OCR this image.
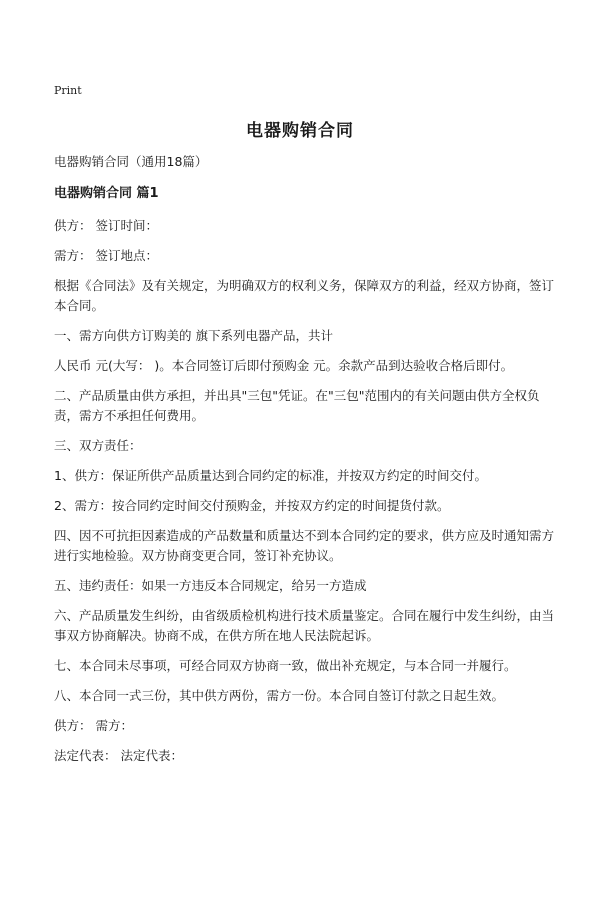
Print
电器购销合同
电器购销合同（通用18篇）
电器购销合同 篇1
供方： 签订时间：
需方： 签订地点：
根据《合同法》及有关规定，为明确双方的权利义务，保障双方的利益，经双方协商，签订本合同。
一、需方向供方订购美的 旗下系列电器产品，共计
人民币 元(大写： )。本合同签订后即付预购金 元。余款产品到达验收合格后即付。
二、产品质量由供方承担，并出具"三包"凭证。在"三包"范围内的有关问题由供方全权负责，需方不承担任何费用。
三、双方责任：
1、供方：保证所供产品质量达到合同约定的标准，并按双方约定的时间交付。
2、需方：按合同约定时间交付预购金，并按双方约定的时间提货付款。
四、因不可抗拒因素造成的产品数量和质量达不到本合同约定的要求，供方应及时通知需方进行实地检验。双方协商变更合同，签订补充协议。
五、违约责任：如果一方违反本合同规定，给另一方造成
六、产品质量发生纠纷，由省级质检机构进行技术质量鉴定。合同在履行中发生纠纷，由当事双方协商解决。协商不成，在供方所在地人民法院起诉。
七、本合同未尽事项，可经合同双方协商一致，做出补充规定，与本合同一并履行。
八、本合同一式三份，其中供方两份，需方一份。本合同自签订付款之日起生效。
供方： 需方：
法定代表： 法定代表：
